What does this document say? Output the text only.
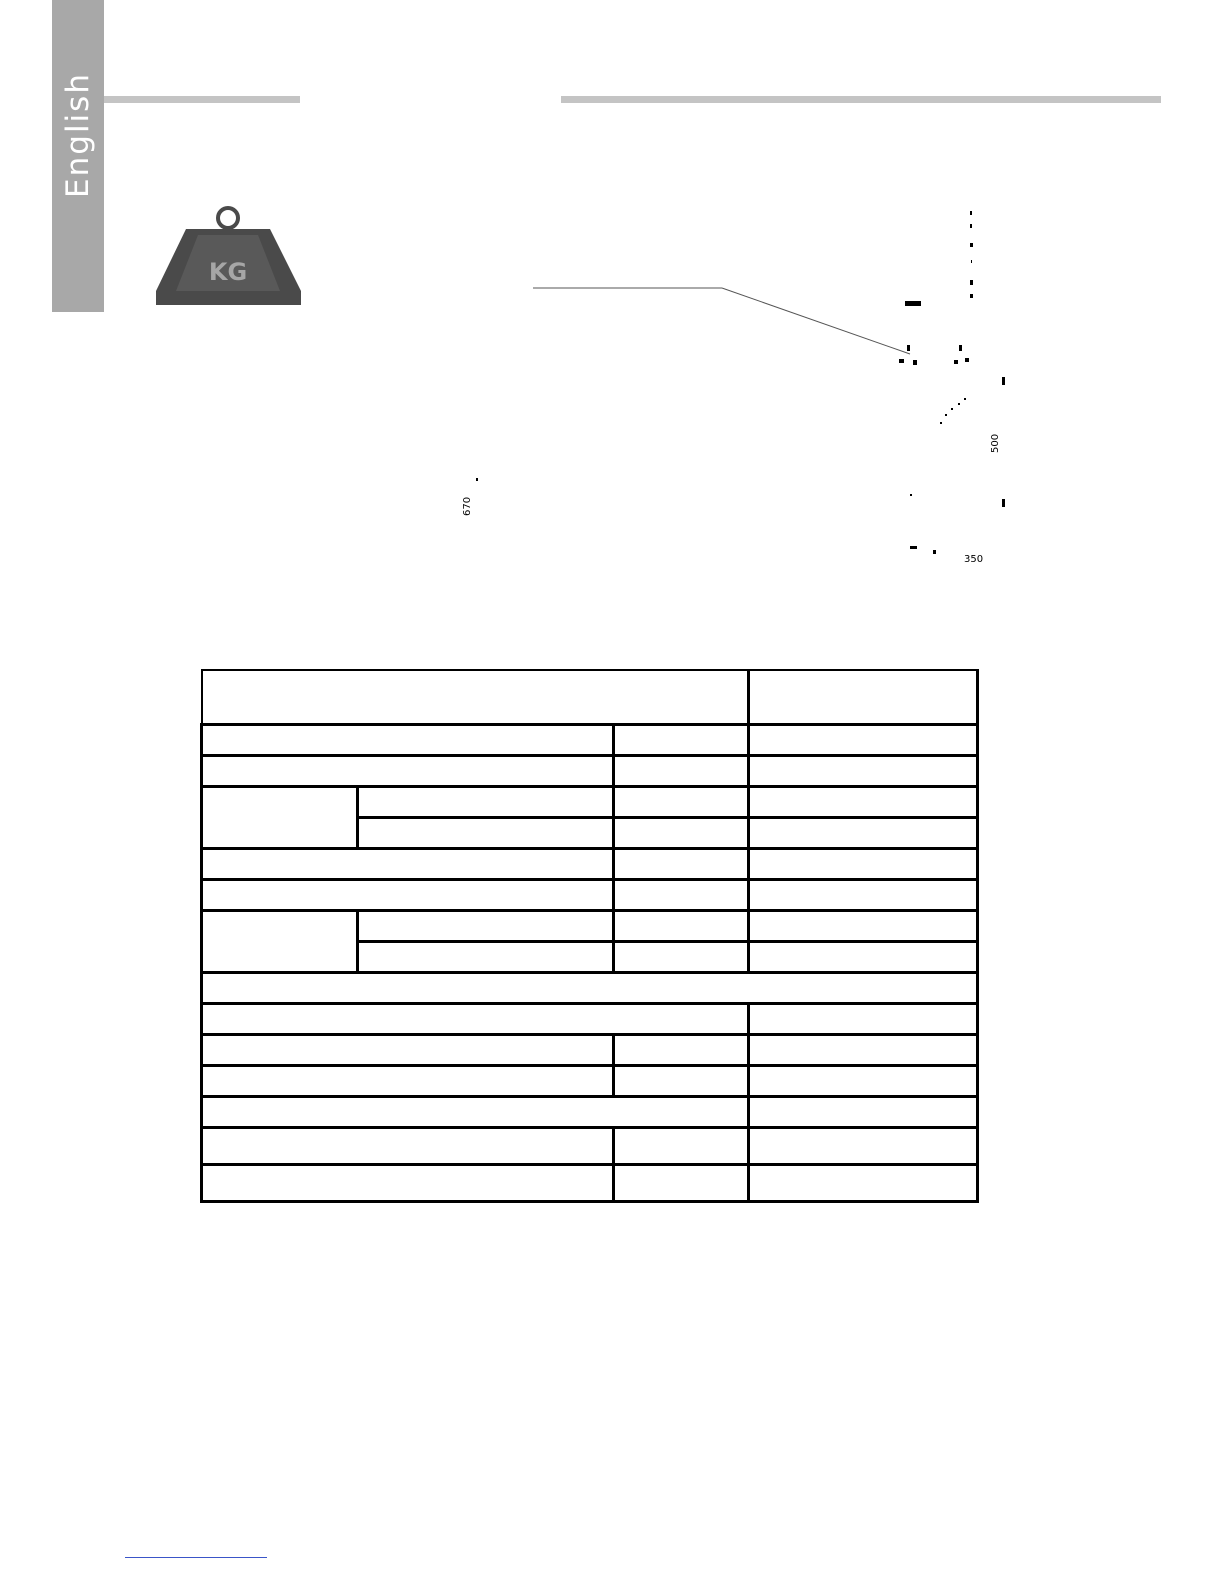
English
KG
500
350
670
